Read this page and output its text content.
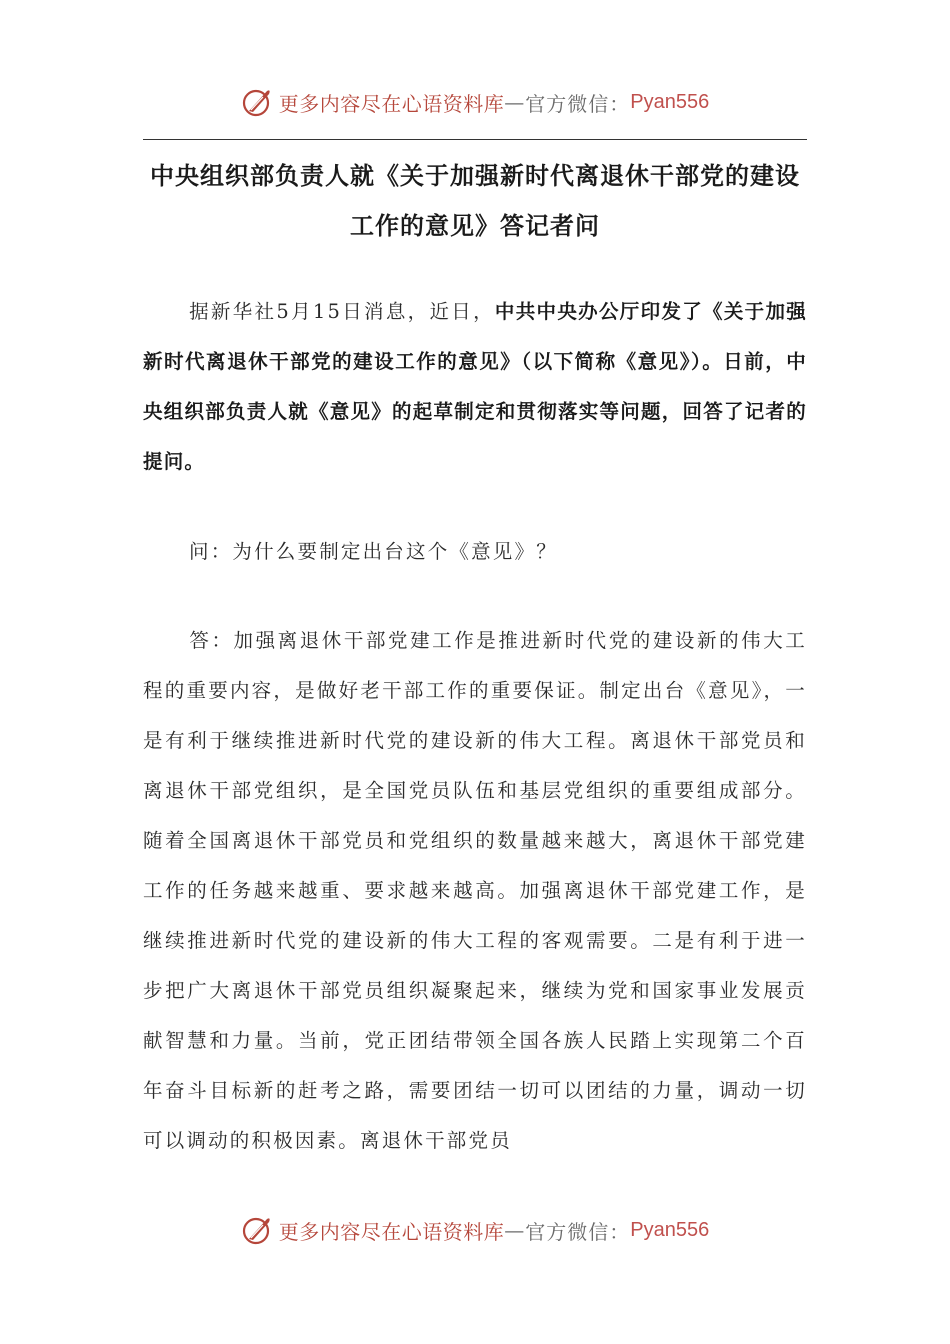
更多内容尽在心语资料库 — 官方微信： Pyan556
中央组织部负责人就《关于加强新时代离退休干部党的建设工作的意见》答记者问
据新华社5月15日消息，近日，中共中央办公厅印发了《关于加强新时代离退休干部党的建设工作的意见》（以下简称《意见》）。日前，中央组织部负责人就《意见》的起草制定和贯彻落实等问题，回答了记者的提问。
问：为什么要制定出台这个《意见》？
答：加强离退休干部党建工作是推进新时代党的建设新的伟大工程的重要内容，是做好老干部工作的重要保证。制定出台《意见》，一是有利于继续推进新时代党的建设新的伟大工程。离退休干部党员和离退休干部党组织，是全国党员队伍和基层党组织的重要组成部分。随着全国离退休干部党员和党组织的数量越来越大，离退休干部党建工作的任务越来越重、要求越来越高。加强离退休干部党建工作，是继续推进新时代党的建设新的伟大工程的客观需要。二是有利于进一步把广大离退休干部党员组织凝聚起来，继续为党和国家事业发展贡献智慧和力量。当前，党正团结带领全国各族人民踏上实现第二个百年奋斗目标新的赶考之路，需要团结一切可以团结的力量，调动一切可以调动的积极因素。离退休干部党员
更多内容尽在心语资料库 — 官方微信： Pyan556
